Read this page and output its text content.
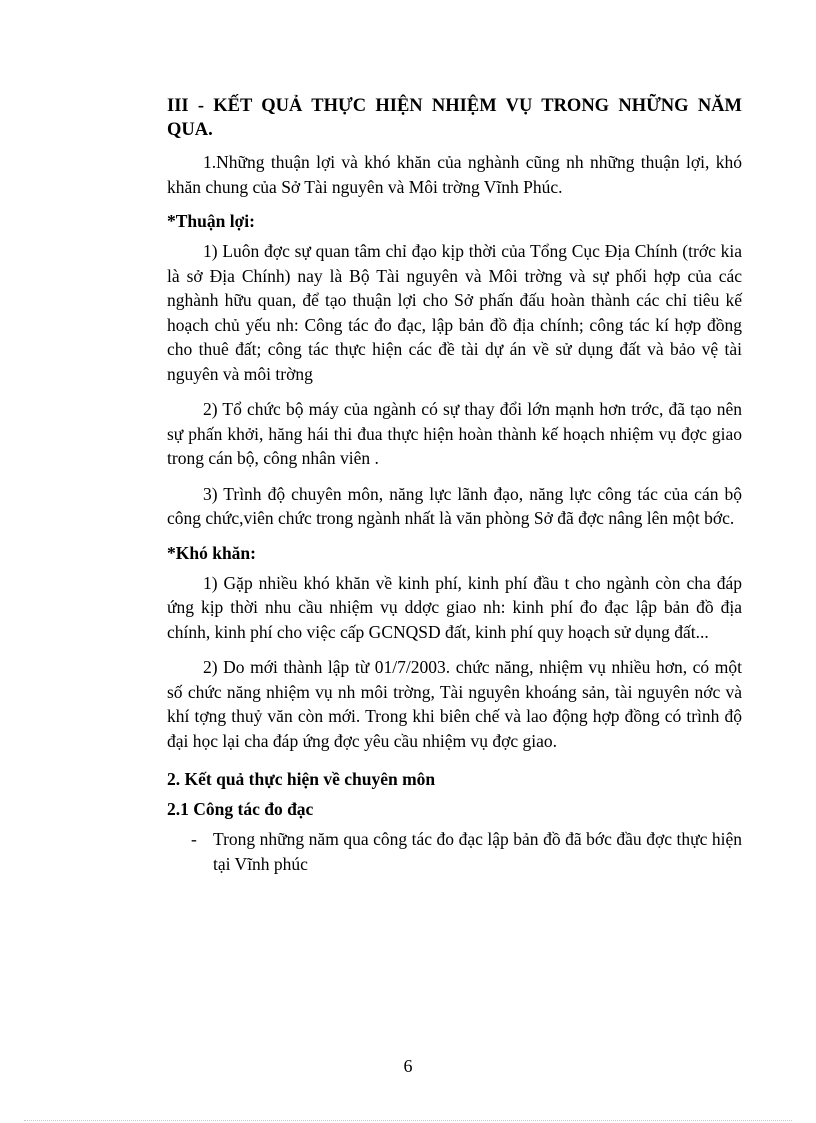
III - KẾT QUẢ THỰC HIỆN NHIỆM VỤ TRONG NHỮNG NĂM QUA.

1.Những thuận lợi và khó khăn của nghành cũng nh những thuận lợi, khó khăn chung của Sở Tài nguyên và Môi trờng Vĩnh Phúc.

*Thuận lợi:

1) Luôn đợc sự quan tâm chỉ đạo kịp thời của Tổng Cục Địa Chính (trớc kia là sở Địa Chính) nay là Bộ Tài nguyên và Môi trờng và sự phối hợp của các nghành hữu quan, để tạo thuận lợi cho Sở phấn đấu hoàn thành các chỉ tiêu kế hoạch chủ yếu nh: Công tác đo đạc, lập bản đồ địa chính; công tác kí hợp đồng cho thuê đất; công tác thực hiện các đề tài dự án về sử dụng đất và bảo vệ tài nguyên và môi trờng

2) Tổ chức bộ máy của ngành có sự thay đổi lớn mạnh hơn trớc, đã tạo nên sự phấn khởi, hăng hái thi đua thực hiện hoàn thành kế hoạch nhiệm vụ đợc giao trong cán bộ, công nhân viên .

3) Trình độ chuyên môn, năng lực lãnh đạo, năng lực công tác của cán bộ công chức,viên chức trong ngành nhất là văn phòng Sở đã đợc nâng lên một bớc.

*Khó khăn:

1) Gặp nhiều khó khăn về kinh phí, kinh phí đầu t cho ngành còn cha đáp ứng kịp thời nhu cầu nhiệm vụ ddợc giao nh: kinh phí đo đạc lập bản đồ địa chính, kinh phí cho việc cấp GCNQSD đất, kinh phí quy hoạch sử dụng đất...

2) Do mới thành lập từ 01/7/2003. chức năng, nhiệm vụ nhiều hơn, có một số chức năng nhiệm vụ nh môi trờng, Tài nguyên khoáng sản, tài nguyên nớc và khí tợng thuỷ văn còn mới. Trong khi biên chế và lao động hợp đồng có trình độ đại học lại cha đáp ứng đợc yêu cầu nhiệm vụ đợc giao.

2. Kết quả thực hiện về chuyên môn
2.1 Công tác đo đạc
- Trong những năm qua công tác đo đạc lập bản đồ đã bớc đầu đợc thực hiện tại Vĩnh phúc
6
